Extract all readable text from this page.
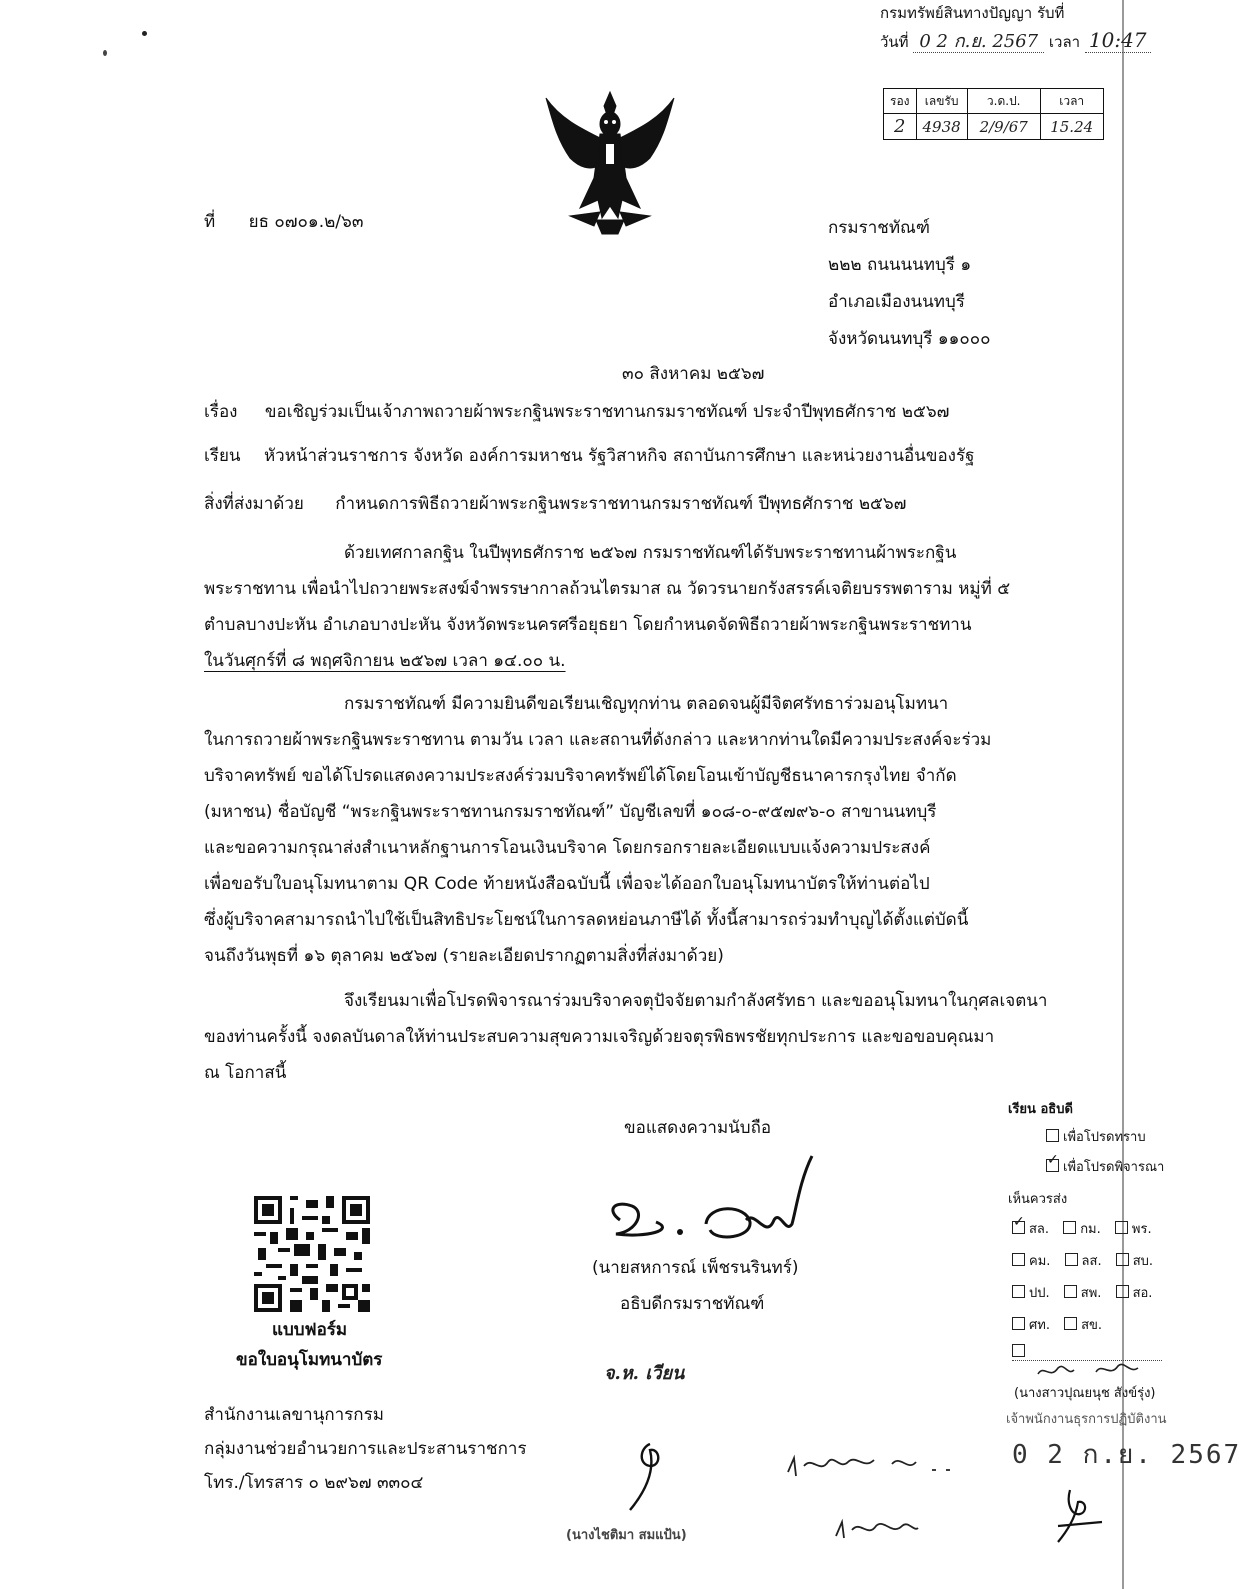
กรมทรัพย์สินทางปัญญา รับที่
วันที่ 0 2 ก.ย. 2567 เวลา 10:47
รอง	เลขรับ	ว.ด.ป.	เวลา
2	4938	2/9/67	15.24
ที่ ยธ ๐๗๐๑.๒/๖๓	กรมราชทัณฑ์
๒๒๒ ถนนนนทบุรี ๑
อำเภอเมืองนนทบุรี
จังหวัดนนทบุรี ๑๑๐๐๐
๓๐ สิงหาคม ๒๕๖๗
เรื่อง ขอเชิญร่วมเป็นเจ้าภาพถวายผ้าพระกฐินพระราชทานกรมราชทัณฑ์ ประจำปีพุทธศักราช ๒๕๖๗
เรียน หัวหน้าส่วนราชการ จังหวัด องค์การมหาชน รัฐวิสาหกิจ สถาบันการศึกษา และหน่วยงานอื่นของรัฐ
สิ่งที่ส่งมาด้วย กำหนดการพิธีถวายผ้าพระกฐินพระราชทานกรมราชทัณฑ์ ปีพุทธศักราช ๒๕๖๗
ด้วยเทศกาลกฐิน ในปีพุทธศักราช ๒๕๖๗ กรมราชทัณฑ์ได้รับพระราชทานผ้าพระกฐิน
พระราชทาน เพื่อนำไปถวายพระสงฆ์จำพรรษากาลถ้วนไตรมาส ณ วัดวรนายกรังสรรค์เจติยบรรพตาราม หมู่ที่ ๕
ตำบลบางปะหัน อำเภอบางปะหัน จังหวัดพระนครศรีอยุธยา โดยกำหนดจัดพิธีถวายผ้าพระกฐินพระราชทาน
ในวันศุกร์ที่ ๘ พฤศจิกายน ๒๕๖๗ เวลา ๑๔.๐๐ น.
กรมราชทัณฑ์ มีความยินดีขอเรียนเชิญทุกท่าน ตลอดจนผู้มีจิตศรัทธาร่วมอนุโมทนา
ในการถวายผ้าพระกฐินพระราชทาน ตามวัน เวลา และสถานที่ดังกล่าว และหากท่านใดมีความประสงค์จะร่วม
บริจาคทรัพย์ ขอได้โปรดแสดงความประสงค์ร่วมบริจาคทรัพย์ได้โดยโอนเข้าบัญชีธนาคารกรุงไทย จำกัด
(มหาชน) ชื่อบัญชี “พระกฐินพระราชทานกรมราชทัณฑ์” บัญชีเลขที่ ๑๐๘-๐-๙๕๗๙๖-๐ สาขานนทบุรี
และขอความกรุณาส่งสำเนาหลักฐานการโอนเงินบริจาค โดยกรอกรายละเอียดแบบแจ้งความประสงค์
เพื่อขอรับใบอนุโมทนาตาม QR Code ท้ายหนังสือฉบับนี้ เพื่อจะได้ออกใบอนุโมทนาบัตรให้ท่านต่อไป
ซึ่งผู้บริจาคสามารถนำไปใช้เป็นสิทธิประโยชน์ในการลดหย่อนภาษีได้ ทั้งนี้สามารถร่วมทำบุญได้ตั้งแต่บัดนี้
จนถึงวันพุธที่ ๑๖ ตุลาคม ๒๕๖๗ (รายละเอียดปรากฏตามสิ่งที่ส่งมาด้วย)
จึงเรียนมาเพื่อโปรดพิจารณาร่วมบริจาคจตุปัจจัยตามกำลังศรัทธา และขออนุโมทนาในกุศลเจตนา
ของท่านครั้งนี้ จงดลบันดาลให้ท่านประสบความสุขความเจริญด้วยจตุรพิธพรชัยทุกประการ และขอขอบคุณมา
ณ โอกาสนี้
ขอแสดงความนับถือ
(นายสหการณ์ เพ็ชรนรินทร์)
อธิบดีกรมราชทัณฑ์
แบบฟอร์ม
ขอใบอนุโมทนาบัตร
สำนักงานเลขานุการกรม
กลุ่มงานช่วยอำนวยการและประสานราชการ
โทร./โทรสาร ๐ ๒๙๖๗ ๓๓๐๔
เรียน อธิบดี
เพื่อโปรดทราบ
✓เพื่อโปรดพิจารณา
เห็นควรส่ง
✓สล. กม. พร.
คม. ลส. สบ.
ปป. สพ. สอ.
ศท. สข.
(นางสาวปุณยนุช สังข์รุ่ง)
เจ้าพนักงานธุรการปฏิบัติงาน
0 2 ก.ย. 2567
จ.ห. เวียน
(นางไชติมา สมแป้น)
